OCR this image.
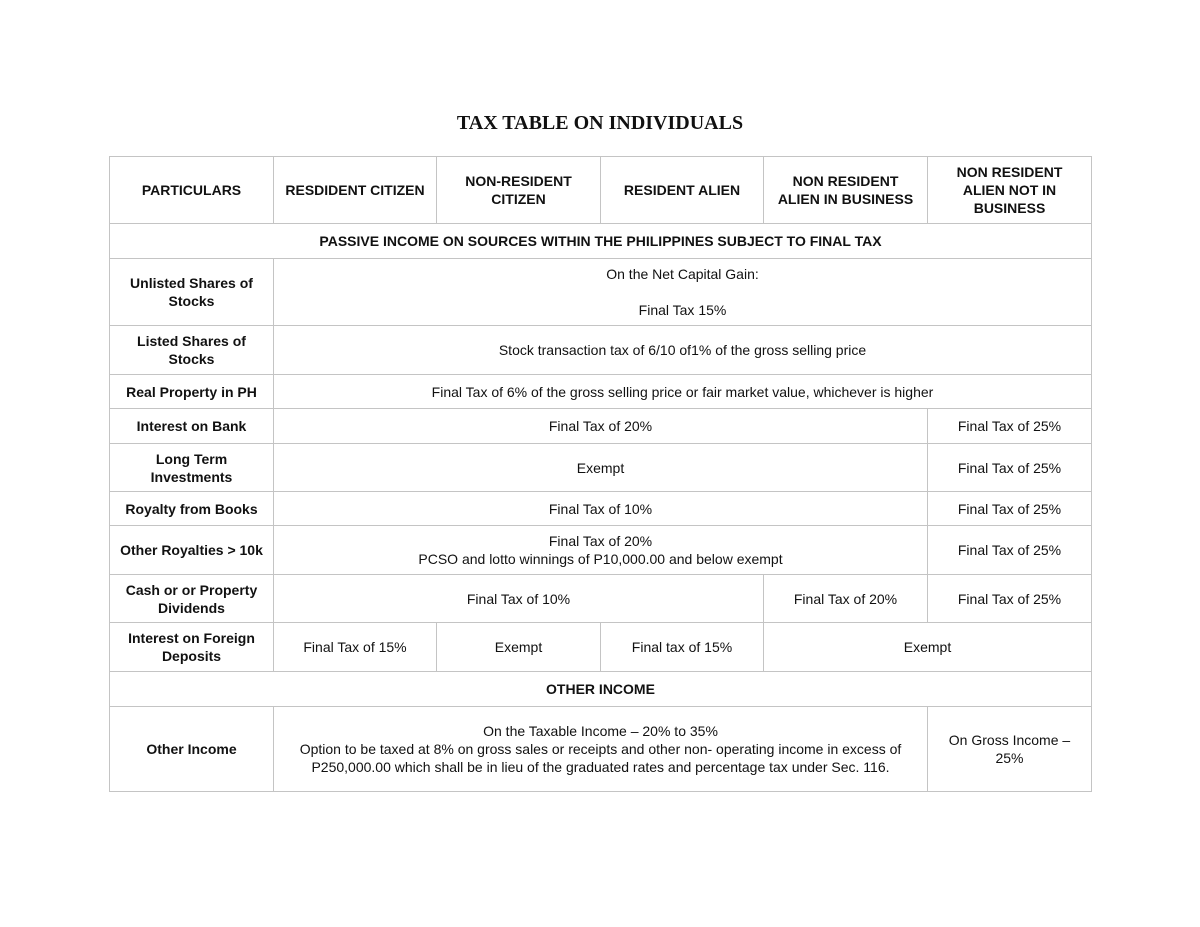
TAX TABLE ON INDIVIDUALS
PARTICULARS	RESDIDENT CITIZEN	NON-RESIDENT CITIZEN	RESIDENT ALIEN	NON RESIDENT ALIEN IN BUSINESS	NON RESIDENT ALIEN NOT IN BUSINESS
PASSIVE INCOME ON SOURCES WITHIN THE PHILIPPINES SUBJECT TO FINAL TAX					
Unlisted Shares of Stocks	On the Net Capital Gain:
Final Tax 15%				

Listed Shares of Stocks	Stock transaction tax of 6/10 of1% of the gross selling price				
Real Property in PH	Final Tax of 6% of the gross selling price or fair market value, whichever is higher				
Interest on Bank	Final Tax of 20%				Final Tax of 25%
Long Term Investments	Exempt				Final Tax of 25%
Royalty from Books	Final Tax of 10%				Final Tax of 25%
Other Royalties > 10k	Final Tax of 20%
PCSO and lotto winnings of P10,000.00 and below exempt				Final Tax of 25%
Cash or or Property Dividends	Final Tax of 10%			Final Tax of 20%	Final Tax of 25%
Interest on Foreign Deposits	Final Tax of 15%	Exempt	Final tax of 15%	Exempt	
OTHER INCOME					
Other Income	On the Taxable Income – 20% to 35%
Option to be taxed at 8% on gross sales or receipts and other non- operating income in excess of P250,000.00 which shall be in lieu of the graduated rates and percentage tax under Sec. 116.				On Gross Income – 25%
